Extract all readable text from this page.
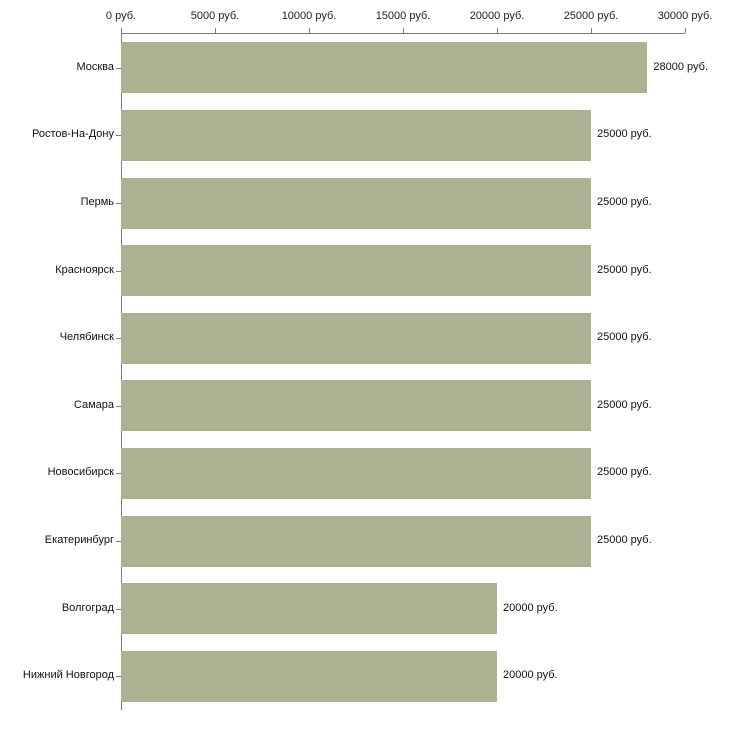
0 руб.	5000 руб.	10000 руб.	15000 руб.	20000 руб.	25000 руб.	30000 руб.
28000 руб.
Москва
25000 руб.
Ростов-На-Дону
25000 руб.
Пермь
25000 руб.
Красноярск
25000 руб.
Челябинск
25000 руб.
Самара
25000 руб.
Новосибирск
25000 руб.
Екатеринбург
20000 руб.
Волгоград
20000 руб.
Нижний Новгород
